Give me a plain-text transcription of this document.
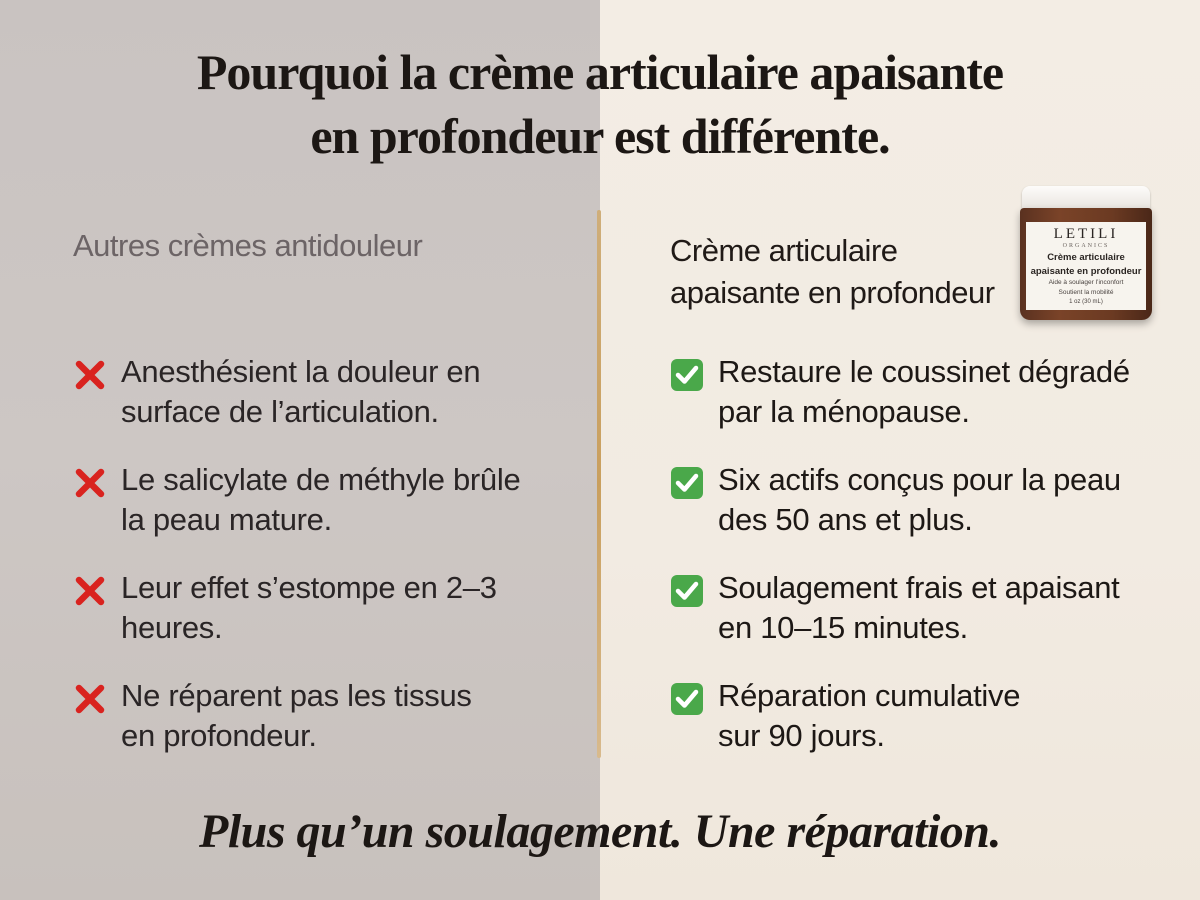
Pourquoi la crème articulaire apaisante
en profondeur est différente.
Autres crèmes antidouleur
Anesthésient la douleur en
surface de l’articulation.
Le salicylate de méthyle brûle
la peau mature.
Leur effet s’estompe en 2–3
heures.
Ne réparent pas les tissus
en profondeur.
Crème articulaire
apaisante en profondeur
LETILI
ORGANICS
Crème articulaire
apaisante en profondeur
Aide à soulager l’inconfort
Soutient la mobilité
1 oz (30 mL)
Restaure le coussinet dégradé
par la ménopause.
Six actifs conçus pour la peau
des 50 ans et plus.
Soulagement frais et apaisant
en 10–15 minutes.
Réparation cumulative
sur 90 jours.
Plus qu’un soulagement. Une réparation.
